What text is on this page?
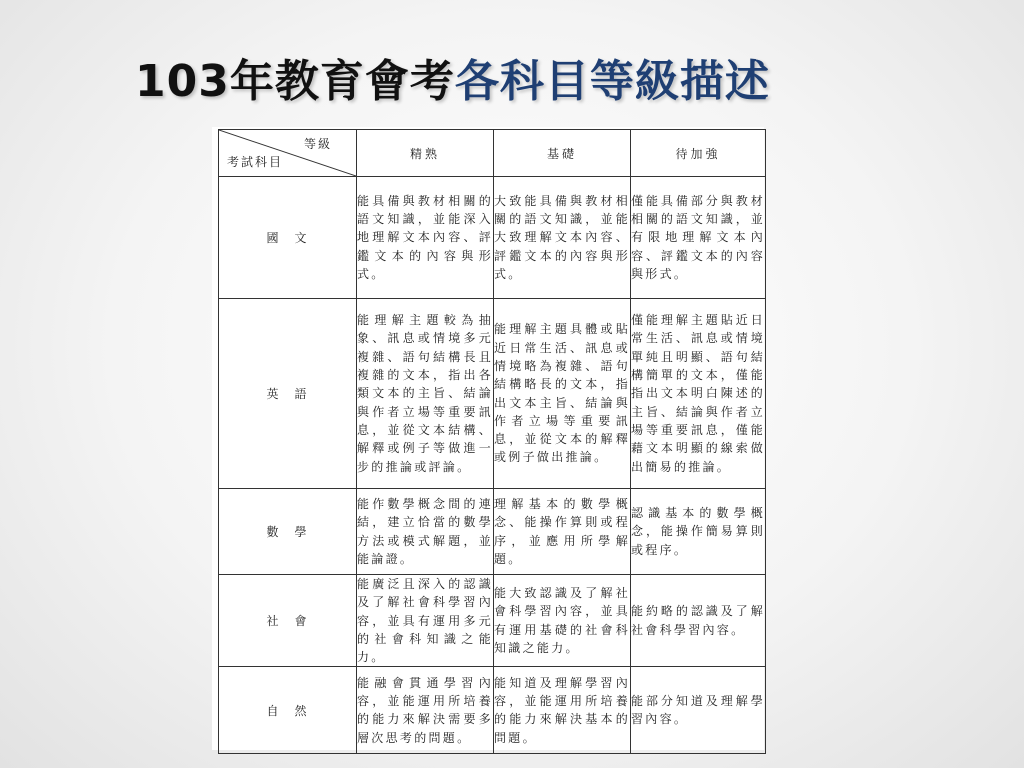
103年教育會考各科目等級描述
等級
考試科目	精熟	基礎	待加強
國　文	能具備與教材相關的語文知識，並能深入地理解文本內容、評鑑文本的內容與形式。	大致能具備與教材相關的語文知識，並能大致理解文本內容、評鑑文本的內容與形式。	僅能具備部分與教材相關的語文知識，並有限地理解文本內容、評鑑文本的內容與形式。
英　語	能理解主題較為抽象、訊息或情境多元複雜、語句結構長且複雜的文本，指出各類文本的主旨、結論與作者立場等重要訊息，並從文本結構、解釋或例子等做進一步的推論或評論。	能理解主題具體或貼近日常生活、訊息或情境略為複雜、語句結構略長的文本，指出文本主旨、結論與作者立場等重要訊息，並從文本的解釋或例子做出推論。	僅能理解主題貼近日常生活、訊息或情境單純且明顯、語句結構簡單的文本，僅能指出文本明白陳述的主旨、結論與作者立場等重要訊息，僅能藉文本明顯的線索做出簡易的推論。
數　學	能作數學概念間的連結，建立恰當的數學方法或模式解題，並能論證。	理解基本的數學概念、能操作算則或程序，並應用所學解題。	認識基本的數學概念，能操作簡易算則或程序。
社　會	能廣泛且深入的認識及了解社會科學習內容，並具有運用多元的社會科知識之能力。	能大致認識及了解社會科學習內容，並具有運用基礎的社會科知識之能力。	能約略的認識及了解社會科學習內容。
自　然	能融會貫通學習內容，並能運用所培養的能力來解決需要多層次思考的問題。	能知道及理解學習內容，並能運用所培養的能力來解決基本的問題。	能部分知道及理解學習內容。
